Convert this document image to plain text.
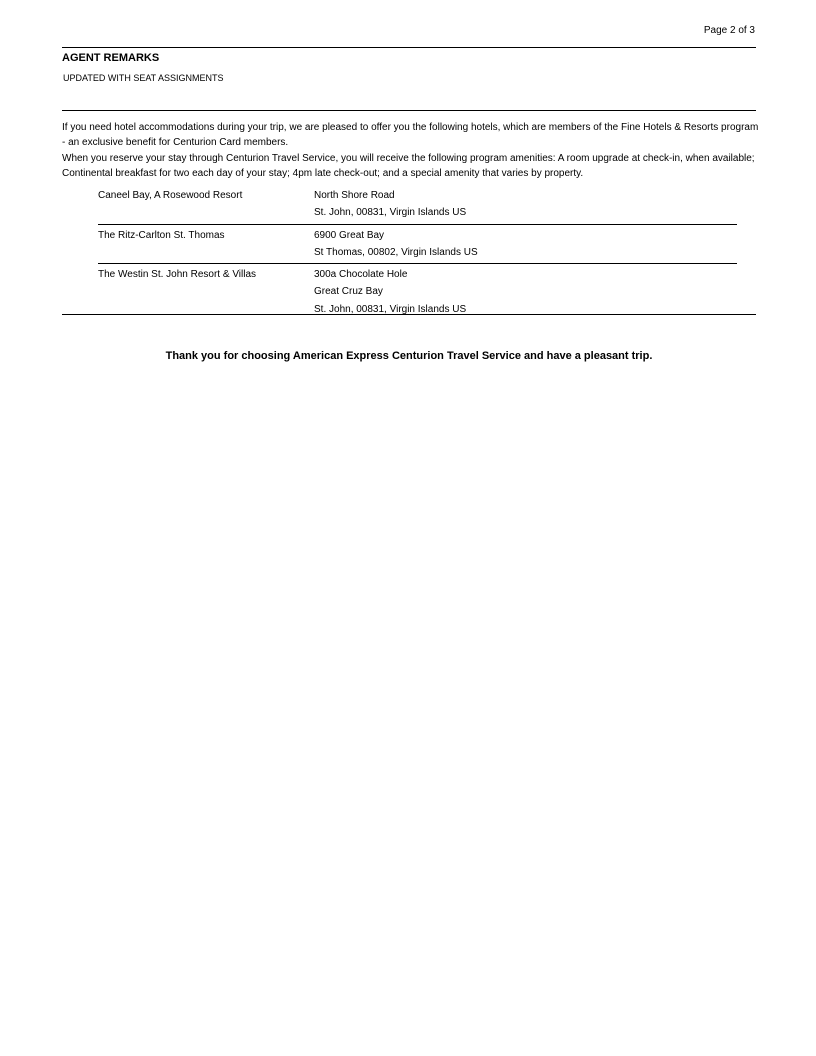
Page 2 of 3
AGENT REMARKS
UPDATED WITH SEAT ASSIGNMENTS

If you need hotel accommodations during your trip, we are pleased to offer you the following hotels, which are members of the Fine Hotels & Resorts program - an exclusive benefit for Centurion Card members.

When you reserve your stay through Centurion Travel Service, you will receive the following program amenities: A room upgrade at check-in, when available; Continental breakfast for two each day of your stay; 4pm late check-out; and a special amenity that varies by property.

Caneel Bay, A Rosewood Resort	North Shore Road
St. John, 00831, Virgin Islands US
The Ritz-Carlton St. Thomas	6900 Great Bay
St Thomas, 00802, Virgin Islands US
The Westin St. John Resort & Villas	300a Chocolate Hole
Great Cruz Bay
St. John, 00831, Virgin Islands US
Thank you for choosing American Express Centurion Travel Service and have a pleasant trip.
